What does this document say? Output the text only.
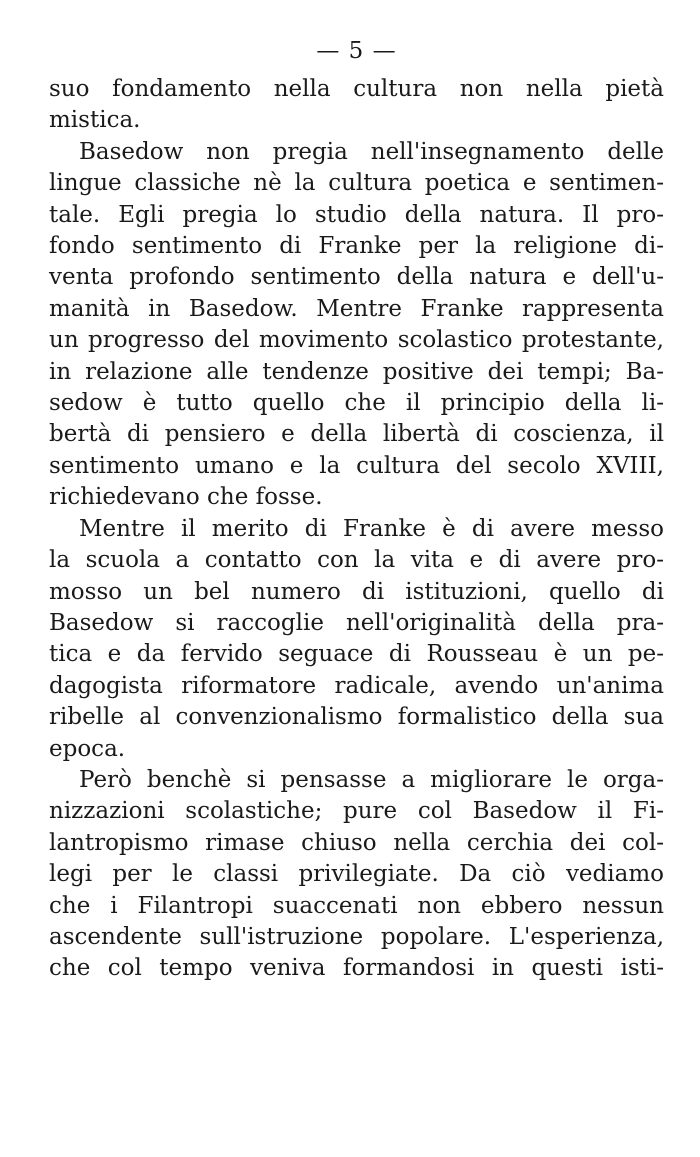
— 5 —
suo fondamento nella cultura non nella pietà
mistica.
Basedow non pregia nell'insegnamento delle
lingue classiche nè la cultura poetica e sentimen-
tale. Egli pregia lo studio della natura. Il pro-
fondo sentimento di Franke per la religione di-
venta profondo sentimento della natura e dell'u-
manità in Basedow. Mentre Franke rappresenta
un progresso del movimento scolastico protestante,
in relazione alle tendenze positive dei tempi; Ba-
sedow è tutto quello che il principio della li-
bertà di pensiero e della libertà di coscienza, il
sentimento umano e la cultura del secolo XVIII,
richiedevano che fosse.
Mentre il merito di Franke è di avere messo
la scuola a contatto con la vita e di avere pro-
mosso un bel numero di istituzioni, quello di
Basedow si raccoglie nell'originalità della pra-
tica e da fervido seguace di Rousseau è un pe-
dagogista riformatore radicale, avendo un'anima
ribelle al convenzionalismo formalistico della sua
epoca.
Però benchè si pensasse a migliorare le orga-
nizzazioni scolastiche; pure col Basedow il Fi-
lantropismo rimase chiuso nella cerchia dei col-
legi per le classi privilegiate. Da ciò vediamo
che i Filantropi suaccenati non ebbero nessun
ascendente sull'istruzione popolare. L'esperienza,
che col tempo veniva formandosi in questi isti-
